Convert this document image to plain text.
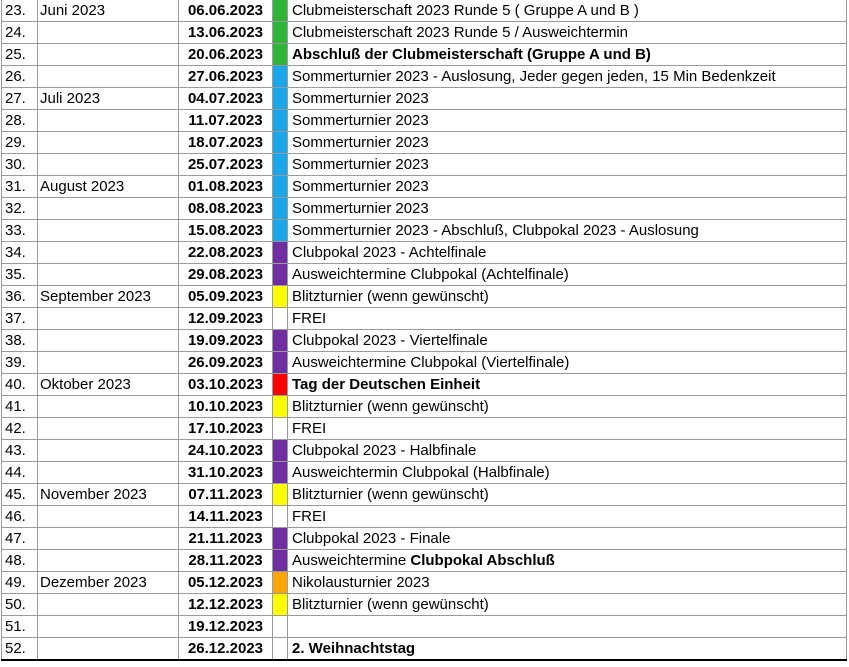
23.	Juni 2023	06.06.2023		Clubmeisterschaft 2023 Runde 5 ( Gruppe A und B )
24.		13.06.2023		Clubmeisterschaft 2023 Runde 5 / Ausweichtermin
25.		20.06.2023		Abschluß der Clubmeisterschaft (Gruppe A und B)
26.		27.06.2023		Sommerturnier 2023 - Auslosung, Jeder gegen jeden, 15 Min Bedenkzeit
27.	Juli 2023	04.07.2023		Sommerturnier 2023
28.		11.07.2023		Sommerturnier 2023
29.		18.07.2023		Sommerturnier 2023
30.		25.07.2023		Sommerturnier 2023
31.	August 2023	01.08.2023		Sommerturnier 2023
32.		08.08.2023		Sommerturnier 2023
33.		15.08.2023		Sommerturnier 2023 - Abschluß, Clubpokal 2023 - Auslosung
34.		22.08.2023		Clubpokal 2023 - Achtelfinale
35.		29.08.2023		Ausweichtermine Clubpokal (Achtelfinale)
36.	September 2023	05.09.2023		Blitzturnier (wenn gewünscht)
37.		12.09.2023		FREI
38.		19.09.2023		Clubpokal 2023 - Viertelfinale
39.		26.09.2023		Ausweichtermine Clubpokal (Viertelfinale)
40.	Oktober 2023	03.10.2023		Tag der Deutschen Einheit
41.		10.10.2023		Blitzturnier (wenn gewünscht)
42.		17.10.2023		FREI
43.		24.10.2023		Clubpokal 2023 - Halbfinale
44.		31.10.2023		Ausweichtermin Clubpokal (Halbfinale)
45.	November 2023	07.11.2023		Blitzturnier (wenn gewünscht)
46.		14.11.2023		FREI
47.		21.11.2023		Clubpokal 2023 - Finale
48.		28.11.2023		Ausweichtermine Clubpokal Abschluß
49.	Dezember 2023	05.12.2023		Nikolausturnier 2023
50.		12.12.2023		Blitzturnier (wenn gewünscht)
51.		19.12.2023		
52.		26.12.2023		2. Weihnachtstag
